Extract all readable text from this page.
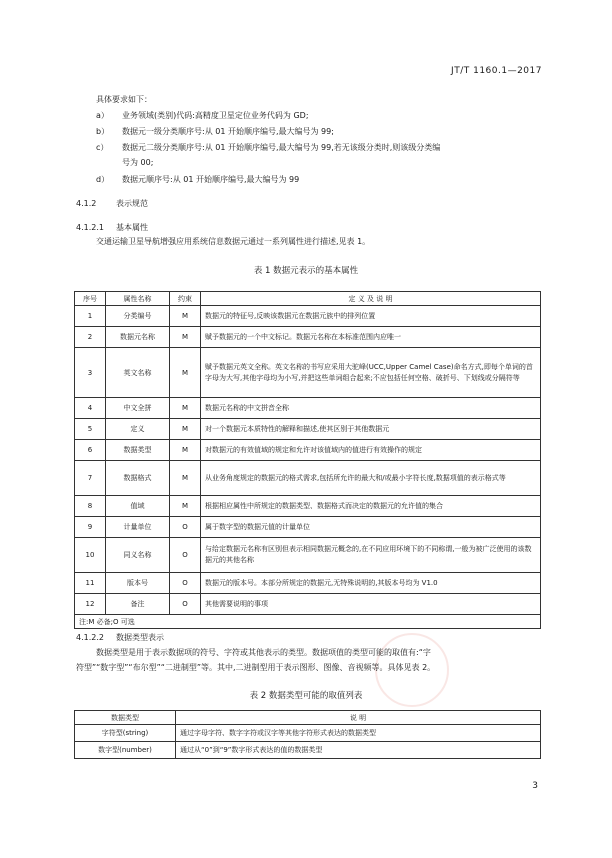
JT/T 1160.1—2017
具体要求如下：
a） 业务领域(类别)代码:高精度卫星定位业务代码为 GD;
b） 数据元一级分类顺序号:从 01 开始顺序编号,最大编号为 99;
c） 数据元二级分类顺序号:从 01 开始顺序编号,最大编号为 99,若无该级分类时,则该级分类编
号为 00;
d） 数据元顺序号:从 01 开始顺序编号,最大编号为 99
4.1.2 表示规范
4.1.2.1 基本属性
交通运输卫星导航增强应用系统信息数据元通过一系列属性进行描述,见表 1。
表 1 数据元表示的基本属性
序号	属性名称	约束	定 义 及 说 明
1	分类编号	M	数据元的特征号,反映该数据元在数据元族中的排列位置
2	数据元名称	M	赋予数据元的一个中文标记。数据元名称在本标准范围内应唯一
3	英文名称	M	赋予数据元英文全称。英文名称的书写应采用大驼峰(UCC,Upper Camel Case)命名方式,即每个单词的首字母为大写,其他字母均为小写,并把这些单词组合起来;不应包括任何空格、破折号、下划线或分隔符等
4	中文全拼	M	数据元名称的中文拼音全称
5	定义	M	对一个数据元本质特性的解释和描述,使其区别于其他数据元
6	数据类型	M	对数据元的有效值域的规定和允许对该值域内的值进行有效操作的规定
7	数据格式	M	从业务角度规定的数据元的格式需求,包括所允许的最大和/或最小字符长度,数据项值的表示格式等
8	值域	M	根据相应属性中所规定的数据类型、数据格式而决定的数据元的允许值的集合
9	计量单位	O	属于数字型的数据元值的计量单位
10	同义名称	O	与给定数据元名称有区别但表示相同数据元概念的,在不同应用环境下的不同称谓,一般为被广泛使用的该数据元的其他名称
11	版本号	O	数据元的版本号。本部分所规定的数据元,无特殊说明的,其版本号均为 V1.0
12	备注	O	其他需要说明的事项
注:M 必备;O 可选			
4.1.2.2 数据类型表示
数据类型是用于表示数据项的符号、字符或其他表示的类型。数据项值的类型可能的取值有:“字
符型”“数字型”“布尔型”“二进制型”等。其中,二进制型用于表示图形、图像、音视频等。具体见表 2。
表 2 数据类型可能的取值列表
数据类型	说 明
字符型(string)	通过字母字符、数字字符或汉字等其他字符形式表达的数据类型
数字型(number)	通过从“0”到“9”数字形式表达的值的数据类型
3
